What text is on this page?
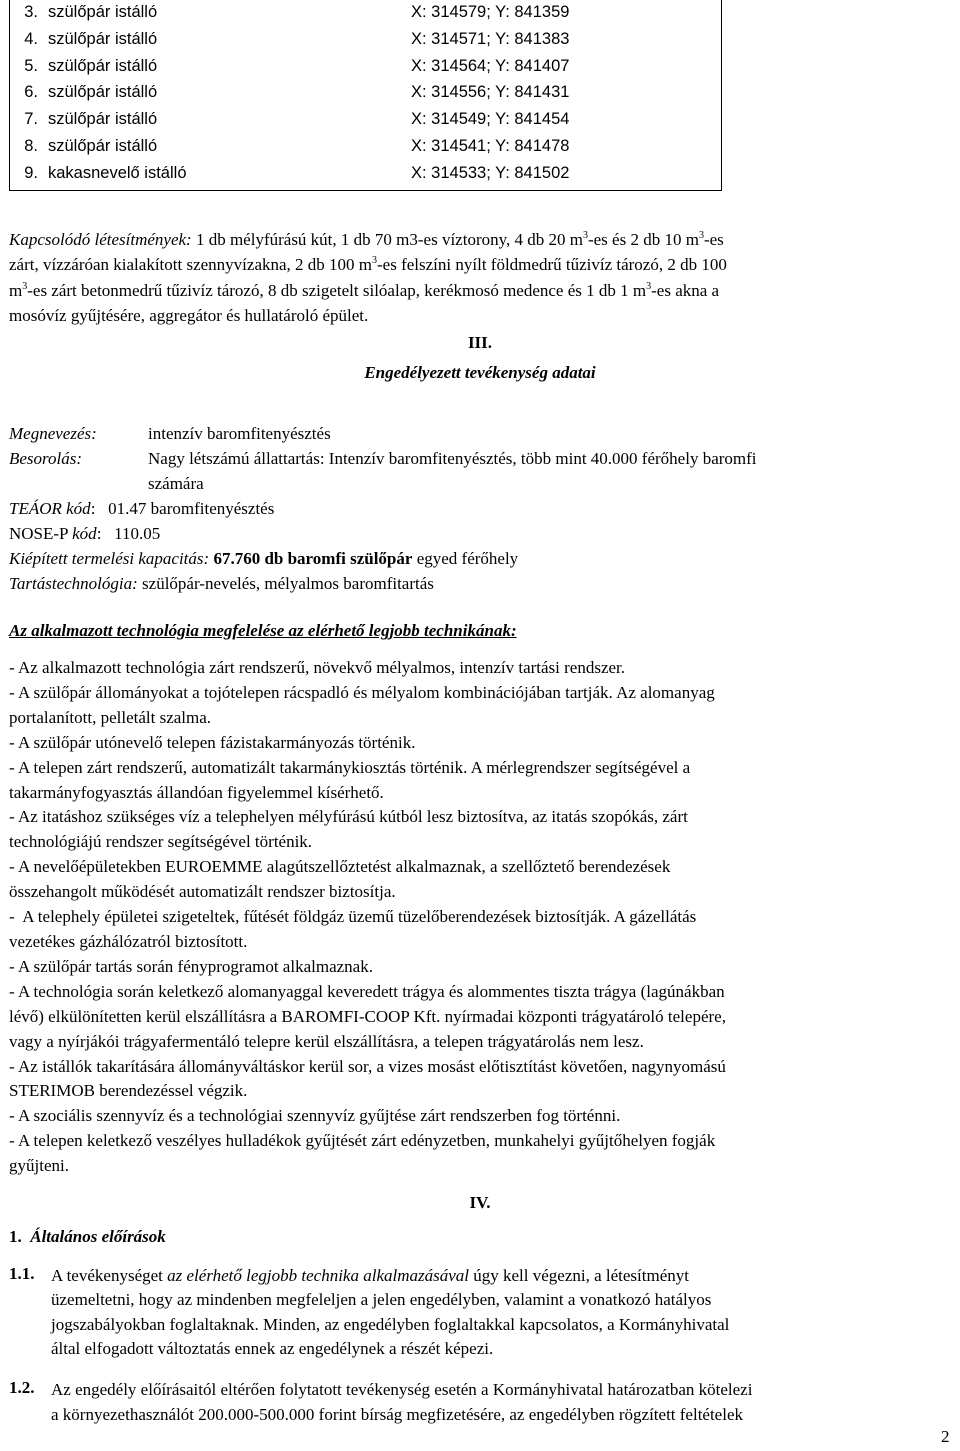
3. szülőpár istálló	X: 314579; Y: 841359
4. szülőpár istálló	X: 314571; Y: 841383
5. szülőpár istálló	X: 314564; Y: 841407
6. szülőpár istálló	X: 314556; Y: 841431
7. szülőpár istálló	X: 314549; Y: 841454
8. szülőpár istálló	X: 314541; Y: 841478
9. kakasnevelő istálló	X: 314533; Y: 841502
Kapcsolódó létesítmények: 1 db mélyfúrású kút, 1 db 70 m3-es víztorony, 4 db 20 $m^3-es$ és 2 db 10 $m^3-es$
zárt, vízzáróan kialakított szennyvízakna, 2 db 100 $m^3-es$ felszíni nyílt földmedrű tűzivíz tározó, 2 db 100
$m^3-es$ zárt betonmedrű tűzivíz tározó, 8 db szigetelt silóalap, kerékmosó medence és 1 db 1 $m^3-es$ akna a
mosóvíz gyűjtésére, aggregátor és hullatároló épület.
III.
Engedélyezett tevékenység adatai
Megnevezés:	intenzív baromfitenyésztés
Besorolás:	Nagy létszámú állattartás: Intenzív baromfitenyésztés, több mint 40.000 férőhely baromfi
számára
TEÁOR kód:   01.47 baromfitenyésztés
NOSE-P kód:   110.05
Kiépített termelési kapacitás: 67.760 db baromfi szülőpár egyed férőhely
Tartástechnológia: szülőpár-nevelés, mélyalmos baromfitartás
Az alkalmazott technológia megfelelése az elérhető legjobb technikának:
- Az alkalmazott technológia zárt rendszerű, növekvő mélyalmos, intenzív tartási rendszer.
- A szülőpár állományokat a tojótelepen rácspadló és mélyalom kombinációjában tartják. Az alomanyag
portalanított, pelletált szalma.
- A szülőpár utónevelő telepen fázistakarmányozás történik.
- A telepen zárt rendszerű, automatizált takarmánykiosztás történik. A mérlegrendszer segítségével a
takarmányfogyasztás állandóan figyelemmel kísérhető.
- Az itatáshoz szükséges víz a telephelyen mélyfúrású kútból lesz biztosítva, az itatás szopókás, zárt
technológiájú rendszer segítségével történik.
- A nevelőépületekben EUROEMME alagútszellőztetést alkalmaznak, a szellőztető berendezések
összehangolt működését automatizált rendszer biztosítja.
-  A telephely épületei szigeteltek, fűtését földgáz üzemű tüzelőberendezések biztosítják. A gázellátás
vezetékes gázhálózatról biztosított.
- A szülőpár tartás során fényprogramot alkalmaznak.
- A technológia során keletkező alomanyaggal keveredett trágya és alommentes tiszta trágya (lagúnákban
lévő) elkülönítetten kerül elszállításra a BAROMFI-COOP Kft. nyírmadai központi trágyatároló telepére,
vagy a nyírjákói trágyafermentáló telepre kerül elszállításra, a telepen trágyatárolás nem lesz.
- Az istállók takarítására állományváltáskor kerül sor, a vizes mosást előtisztítást követően, nagynyomású
STERIMOB berendezéssel végzik.
- A szociális szennyvíz és a technológiai szennyvíz gyűjtése zárt rendszerben fog történni.
- A telepen keletkező veszélyes hulladékok gyűjtését zárt edényzetben, munkahelyi gyűjtőhelyen fogják
gyűjteni.
IV.
1. Általános előírások
1.1. A tevékenységet az elérhető legjobb technika alkalmazásával úgy kell végezni, a létesítményt
üzemeltetni, hogy az mindenben megfeleljen a jelen engedélyben, valamint a vonatkozó hatályos
jogszabályokban foglaltaknak. Minden, az engedélyben foglaltakkal kapcsolatos, a Kormányhivatal
által elfogadott változtatás ennek az engedélynek a részét képezi.
1.2. Az engedély előírásaitól eltérően folytatott tevékenység esetén a Kormányhivatal határozatban kötelezi
a környezethasználót 200.000-500.000 forint bírság megfizetésére, az engedélyben rögzített feltételek
2
